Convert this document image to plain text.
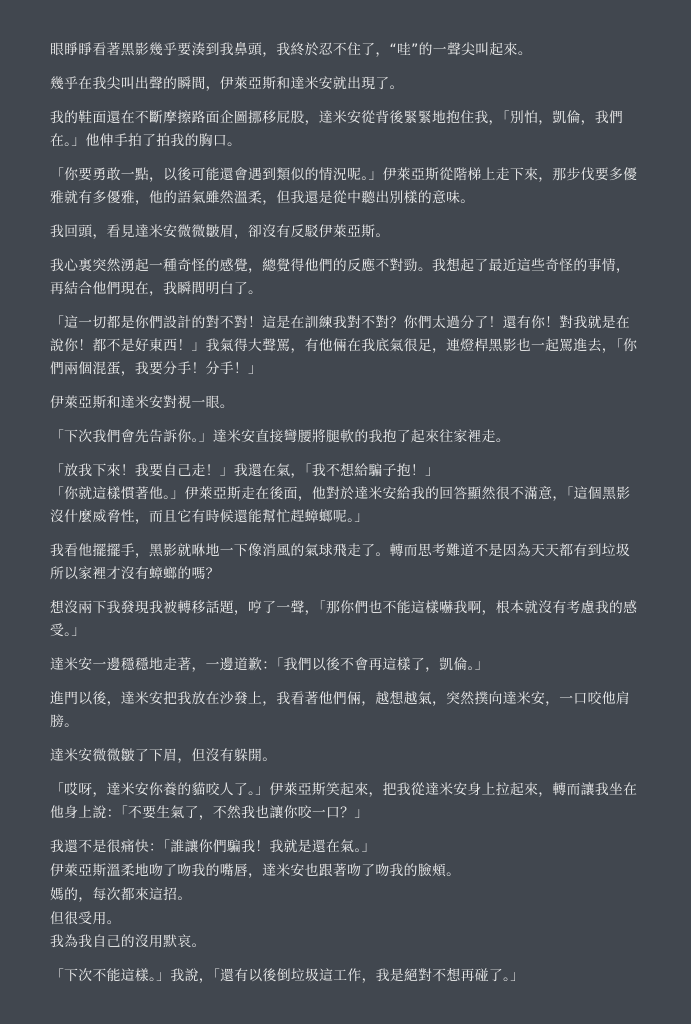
眼睜睜看著黑影幾乎要湊到我鼻頭，我終於忍不住了，“哇”的一聲尖叫起來。

幾乎在我尖叫出聲的瞬間，伊萊亞斯和達米安就出現了。

我的鞋面還在不斷摩擦路面企圖挪移屁股，達米安從背後緊緊地抱住我，「別怕，凱倫，我們在。」他伸手拍了拍我的胸口。

「你要勇敢一點，以後可能還會遇到類似的情況呢。」伊萊亞斯從階梯上走下來，那步伐要多優雅就有多優雅，他的語氣雖然溫柔，但我還是從中聽出別樣的意味。

我回頭，看見達米安微微皺眉，卻沒有反駁伊萊亞斯。

我心裏突然湧起一種奇怪的感覺，總覺得他們的反應不對勁。我想起了最近這些奇怪的事情，再結合他們現在，我瞬間明白了。

「這一切都是你們設計的對不對！這是在訓練我對不對？你們太過分了！還有你！對我就是在說你！都不是好東西！」我氣得大聲罵，有他倆在我底氣很足，連燈桿黑影也一起罵進去，「你們兩個混蛋，我要分手！分手！」

伊萊亞斯和達米安對視一眼。

「下次我們會先告訴你。」達米安直接彎腰將腿軟的我抱了起來往家裡走。

「放我下來！我要自己走！」我還在氣，「我不想給騙子抱！」
「你就這樣慣著他。」伊萊亞斯走在後面，他對於達米安給我的回答顯然很不滿意，「這個黑影沒什麼威脅性，而且它有時候還能幫忙趕蟑螂呢。」

我看他擺擺手，黑影就咻地一下像消風的氣球飛走了。轉而思考難道不是因為天天都有到垃圾所以家裡才沒有蟑螂的嗎？

想沒兩下我發現我被轉移話題，哼了一聲，「那你們也不能這樣嚇我啊，根本就沒有考慮我的感受。」

達米安一邊穩穩地走著，一邊道歉：「我們以後不會再這樣了，凱倫。」

進門以後，達米安把我放在沙發上，我看著他們倆，越想越氣，突然撲向達米安，一口咬他肩膀。

達米安微微皺了下眉，但沒有躲開。

「哎呀，達米安你養的貓咬人了。」伊萊亞斯笑起來，把我從達米安身上拉起來，轉而讓我坐在他身上說：「不要生氣了，不然我也讓你咬一口？」

我還不是很痛快：「誰讓你們騙我！我就是還在氣。」

伊萊亞斯溫柔地吻了吻我的嘴唇，達米安也跟著吻了吻我的臉頰。

媽的，每次都來這招。

但很受用。
我為我自己的沒用默哀。

「下次不能這樣。」我說，「還有以後倒垃圾這工作，我是絕對不想再碰了。」
